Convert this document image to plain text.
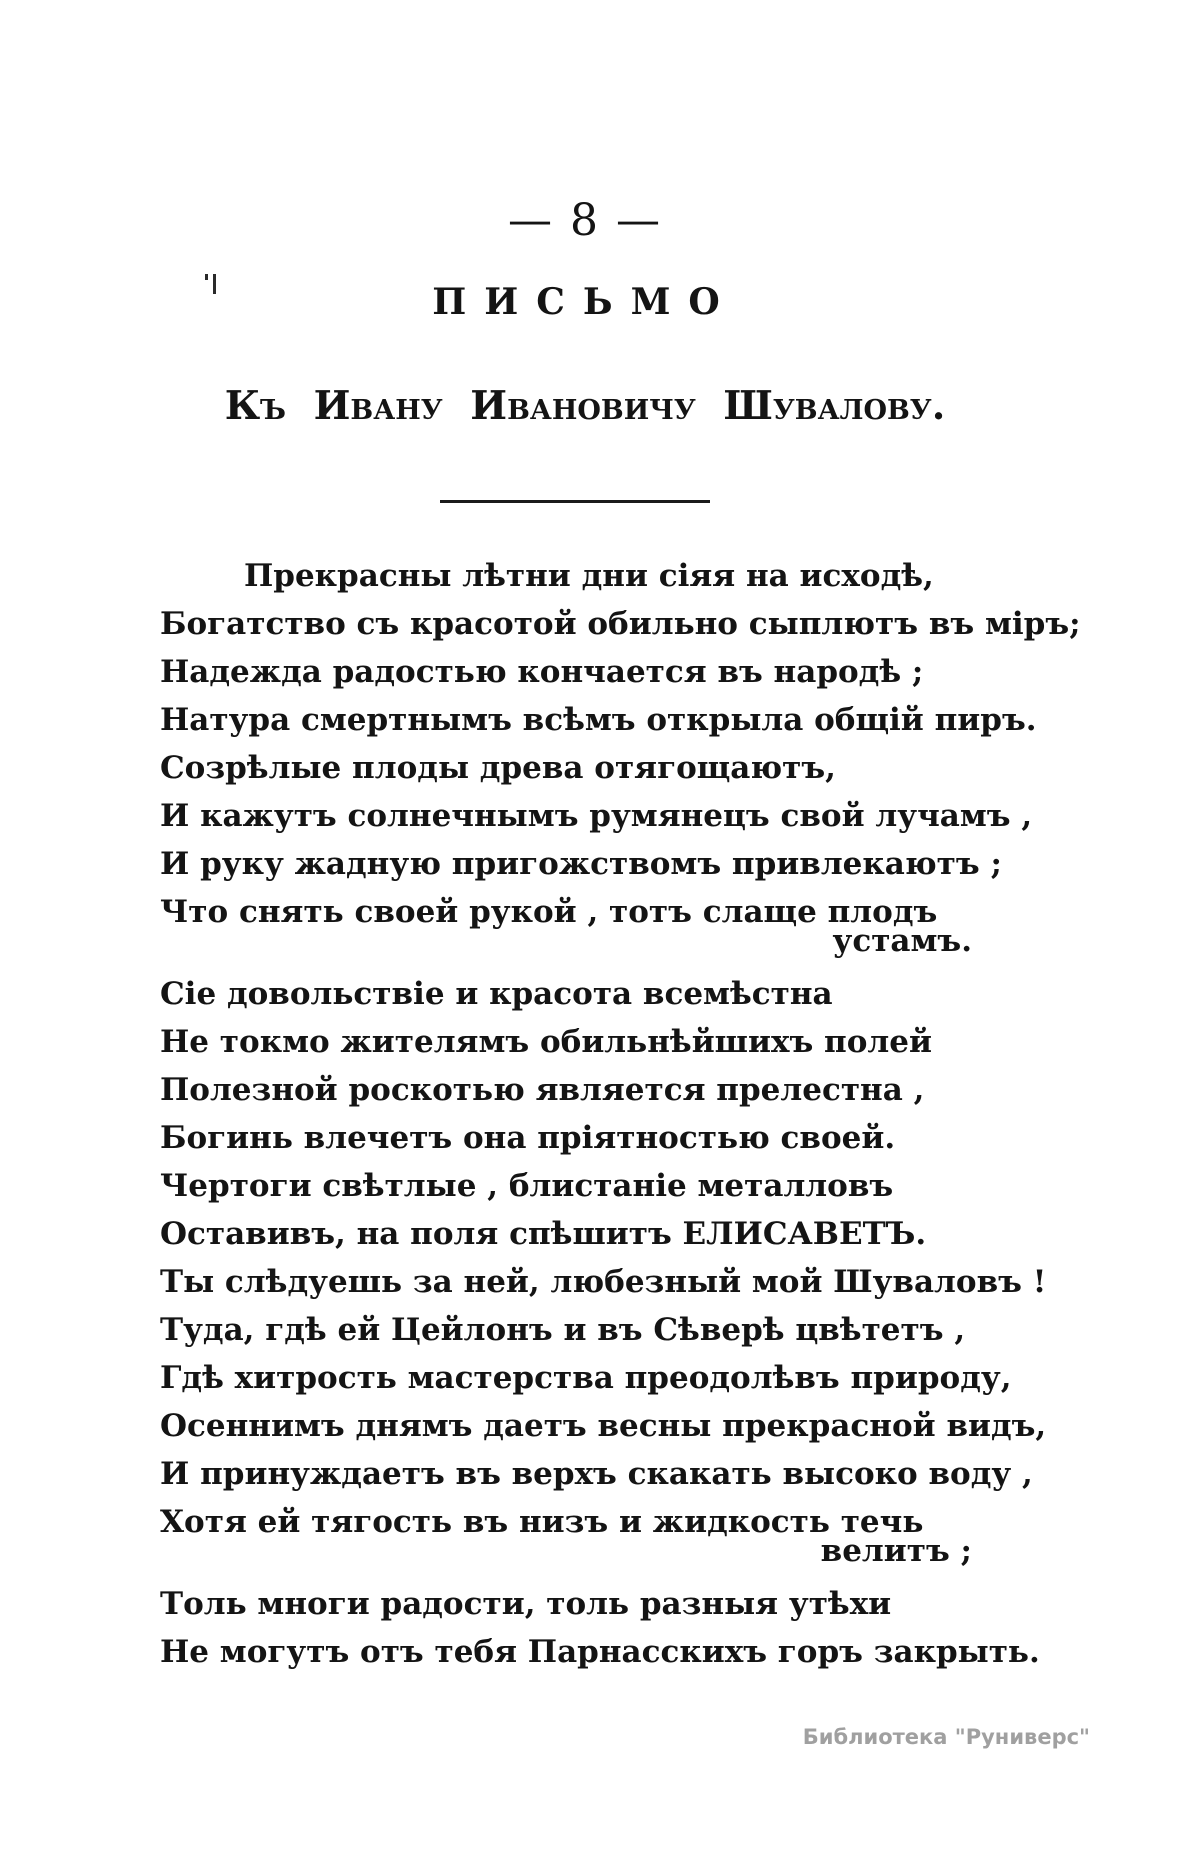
— 8 —
ПИСЬМО
Къ Ивану Ивановичу Шувалову.
Прекрасны лѣтни дни сiяя на исходѣ,
Богатство съ красотой обильно сыплютъ въ мiръ;
Надежда радостью кончается въ народѣ ;
Натура смертнымъ всѣмъ открыла общiй пиръ.
Созрѣлые плоды древа отягощаютъ,
И кажутъ солнечнымъ румянецъ свой лучамъ ,
И руку жадную пригожствомъ привлекаютъ ;
Что снять своей рукой , тотъ слаще плодъ
устамъ.
Сiе довольствiе и красота всемѣстна
Не токмо жителямъ обильнѣйшихъ полей
Полезной роскотью является прелестна ,
Богинь влечетъ она прiятностью своей.
Чертоги свѣтлые , блистанiе металловъ
Оставивъ, на поля спѣшитъ ЕЛИСАВЕТЪ.
Ты слѣдуешь за ней, любезный мой Шуваловъ !
Туда, гдѣ ей Цейлонъ и въ Сѣверѣ цвѣтетъ ,
Гдѣ хитрость мастерства преодолѣвъ природу,
Осеннимъ днямъ даетъ весны прекрасной видъ,
И принуждаетъ въ верхъ скакать высоко воду ,
Хотя ей тягость въ низъ и жидкость течь
велитъ ;
Толь многи радости, толь разныя утѣхи
Не могутъ отъ тебя Парнасскихъ горъ закрыть.
Библиотека "Руниверс"
